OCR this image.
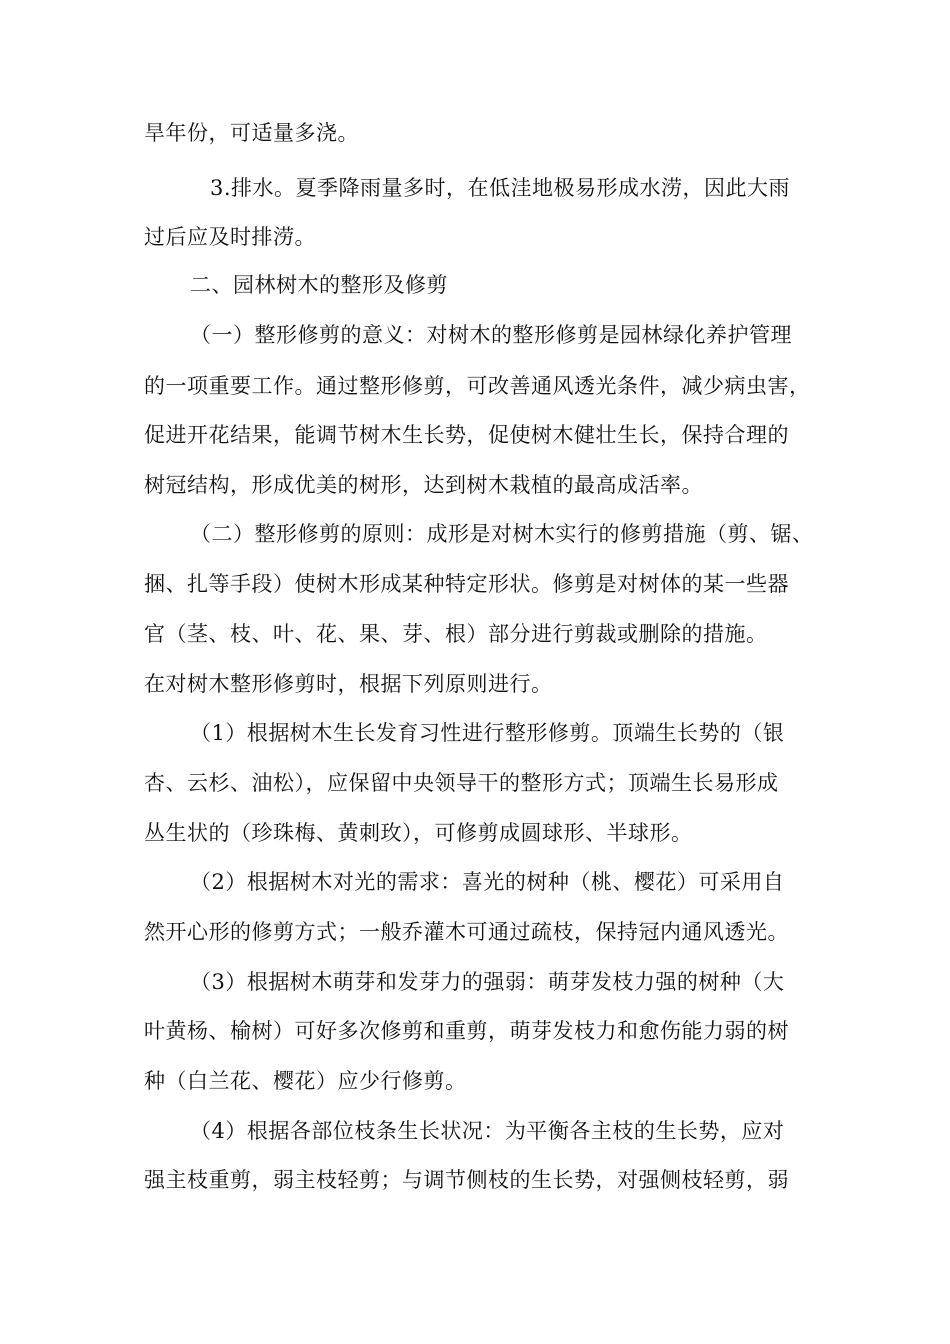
旱年份，可适量多浇。
3.排水。夏季降雨量多时，在低洼地极易形成水涝，因此大雨
过后应及时排涝。
二、园林树木的整形及修剪
（一）整形修剪的意义：对树木的整形修剪是园林绿化养护管理
的一项重要工作。通过整形修剪，可改善通风透光条件，减少病虫害，
促进开花结果，能调节树木生长势，促使树木健壮生长，保持合理的
树冠结构，形成优美的树形，达到树木栽植的最高成活率。
（二）整形修剪的原则：成形是对树木实行的修剪措施（剪、锯、
捆、扎等手段）使树木形成某种特定形状。修剪是对树体的某一些器
官（茎、枝、叶、花、果、芽、根）部分进行剪裁或删除的措施。
在对树木整形修剪时，根据下列原则进行。
（1）根据树木生长发育习性进行整形修剪。顶端生长势的（银
杏、云杉、油松），应保留中央领导干的整形方式；顶端生长易形成
丛生状的（珍珠梅、黄刺玫），可修剪成圆球形、半球形。
（2）根据树木对光的需求：喜光的树种（桃、樱花）可采用自
然开心形的修剪方式；一般乔灌木可通过疏枝，保持冠内通风透光。
（3）根据树木萌芽和发芽力的强弱：萌芽发枝力强的树种（大
叶黄杨、榆树）可好多次修剪和重剪，萌芽发枝力和愈伤能力弱的树
种（白兰花、樱花）应少行修剪。
（4）根据各部位枝条生长状况：为平衡各主枝的生长势，应对
强主枝重剪，弱主枝轻剪；与调节侧枝的生长势，对强侧枝轻剪，弱
